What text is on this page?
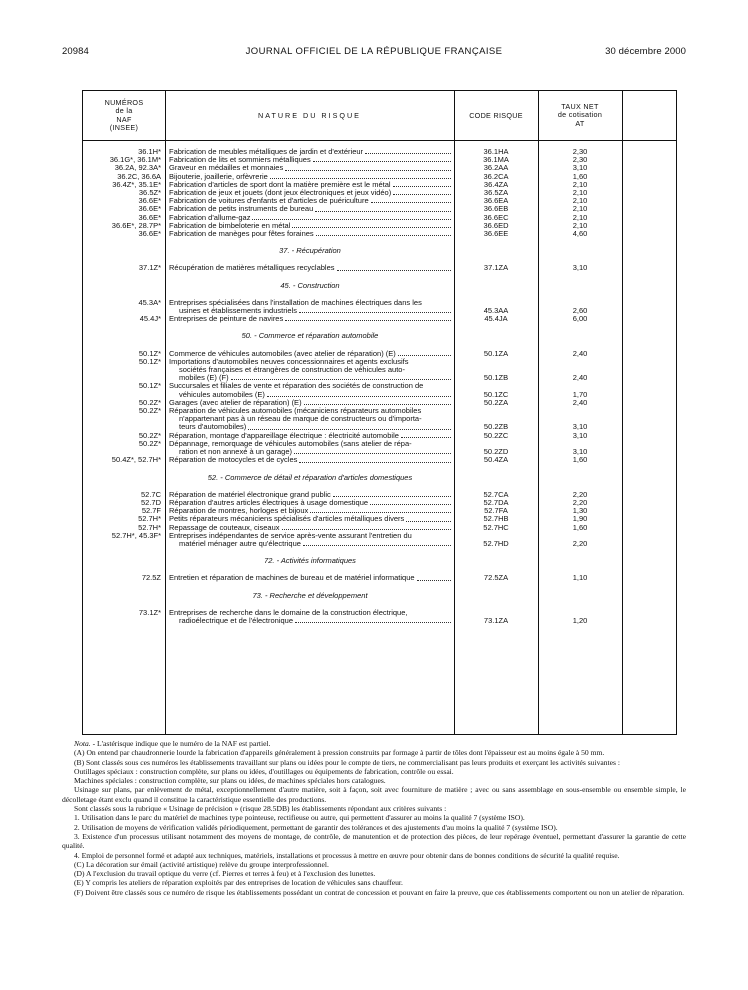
20984	JOURNAL OFFICIEL DE LA RÉPUBLIQUE FRANÇAISE	30 décembre 2000
NUMÉROS
de la
NAF
(INSEE)
NATURE DU RISQUE	CODE RISQUE
TAUX NET
de cotisation
AT
36.1H* Fabrication de meubles métalliques de jardin et d'extérieur	36.1HA	2,30
36.1G*, 36.1M* Fabrication de lits et sommiers métalliques	36.1MA	2,30
36.2A, 92.3A* Graveur en médailles et monnaies	36.2AA	3,10
36.2C, 36.6A Bijouterie, joaillerie, orfèvrerie	36.2CA	1,60
36.4Z*, 35.1E* Fabrication d'articles de sport dont la matière première est le métal	36.4ZA	2,10
36.5Z* Fabrication de jeux et jouets (dont jeux électroniques et jeux vidéo)	36.5ZA	2,10
36.6E* Fabrication de voitures d'enfants et d'articles de puériculture	36.6EA	2,10
36.6E* Fabrication de petits instruments de bureau	36.6EB	2,10
36.6E* Fabrication d'allume-gaz	36.6EC	2,10
36.6E*, 28.7P* Fabrication de bimbeloterie en métal	36.6ED	2,10
36.6E* Fabrication de manèges pour fêtes foraines	36.6EE	4,60
37. - Récupération
37.1Z* Récupération de matières métalliques recyclables	37.1ZA	3,10
45. - Construction
45.3A* Entreprises spécialisées dans l'installation de machines électriques dans les
usines et établissements industriels	45.3AA	2,60
45.4J* Entreprises de peinture de navires	45.4JA	6,00
50. - Commerce et réparation automobile
50.1Z* Commerce de véhicules automobiles (avec atelier de réparation) (E)	50.1ZA	2,40
50.1Z* Importations d'automobiles neuves concessionnaires et agents exclusifs
sociétés françaises et étrangères de construction de véhicules auto-
mobiles (E) (F)	50.1ZB	2,40
50.1Z* Succursales et filiales de vente et réparation des sociétés de construction de
véhicules automobiles (E)	50.1ZC	1,70
50.2Z* Garages (avec atelier de réparation) (E)	50.2ZA	2,40
50.2Z* Réparation de véhicules automobiles (mécaniciens réparateurs automobiles
n'appartenant pas à un réseau de marque de constructeurs ou d'importa-
teurs d'automobiles)	50.2ZB	3,10
50.2Z* Réparation, montage d'appareillage électrique : électricité automobile	50.2ZC	3,10
50.2Z* Dépannage, remorquage de véhicules automobiles (sans atelier de répa-
ration et non annexé à un garage)	50.2ZD	3,10
50.4Z*, 52.7H* Réparation de motocycles et de cycles	50.4ZA	1,60
52. - Commerce de détail et réparation d'articles domestiques
52.7C Réparation de matériel électronique grand public	52.7CA	2,20
52.7D Réparation d'autres articles électriques à usage domestique	52.7DA	2,20
52.7F Réparation de montres, horloges et bijoux	52.7FA	1,30
52.7H* Petits réparateurs mécaniciens spécialisés d'articles métalliques divers	52.7HB	1,90
52.7H* Repassage de couteaux, ciseaux	52.7HC	1,60
52.7H*, 45.3F* Entreprises indépendantes de service après-vente assurant l'entretien du
matériel ménager autre qu'électrique	52.7HD	2,20
72. - Activités informatiques
72.5Z Entretien et réparation de machines de bureau et de matériel informatique	72.5ZA	1,10
73. - Recherche et développement
73.1Z* Entreprises de recherche dans le domaine de la construction électrique,
radioélectrique et de l'électronique	73.1ZA	1,20

Nota. - L'astérisque indique que le numéro de la NAF est partiel.

(A) On entend par chaudronnerie lourde la fabrication d'appareils généralement à pression construits par formage à partir de tôles dont l'épaisseur est au moins égale à 50 mm.

(B) Sont classés sous ces numéros les établissements travaillant sur plans ou idées pour le compte de tiers, ne commercialisant pas leurs produits et exerçant les activités suivantes :

Outillages spéciaux : construction complète, sur plans ou idées, d'outillages ou équipements de fabrication, contrôle ou essai.

Machines spéciales : construction complète, sur plans ou idées, de machines spéciales hors catalogues.

Usinage sur plans, par enlèvement de métal, exceptionnellement d'autre matière, soit à façon, soit avec fourniture de matière ; avec ou sans assemblage en sous-ensemble ou ensemble simple, le décolletage étant exclu quand il constitue la caractéristique essentielle des productions.

Sont classés sous la rubrique « Usinage de précision » (risque 28.5DB) les établissements répondant aux critères suivants :

1. Utilisation dans le parc du matériel de machines type pointeuse, rectifieuse ou autre, qui permettent d'assurer au moins la qualité 7 (système ISO).

2. Utilisation de moyens de vérification validés périodiquement, permettant de garantir des tolérances et des ajustements d'au moins la qualité 7 (système ISO).

3. Existence d'un processus utilisant notamment des moyens de montage, de contrôle, de manutention et de protection des pièces, de leur repérage éventuel, permettant d'assurer la garantie de cette qualité.

4. Emploi de personnel formé et adapté aux techniques, matériels, installations et processus à mettre en œuvre pour obtenir dans de bonnes conditions de sécurité la qualité requise.

(C) La décoration sur émail (activité artistique) relève du groupe interprofessionnel.

(D) A l'exclusion du travail optique du verre (cf. Pierres et terres à feu) et à l'exclusion des lunettes.

(E) Y compris les ateliers de réparation exploités par des entreprises de location de véhicules sans chauffeur.

(F) Doivent être classés sous ce numéro de risque les établissements possédant un contrat de concession et pouvant en faire la preuve, que ces établissements comportent ou non un atelier de réparation.
